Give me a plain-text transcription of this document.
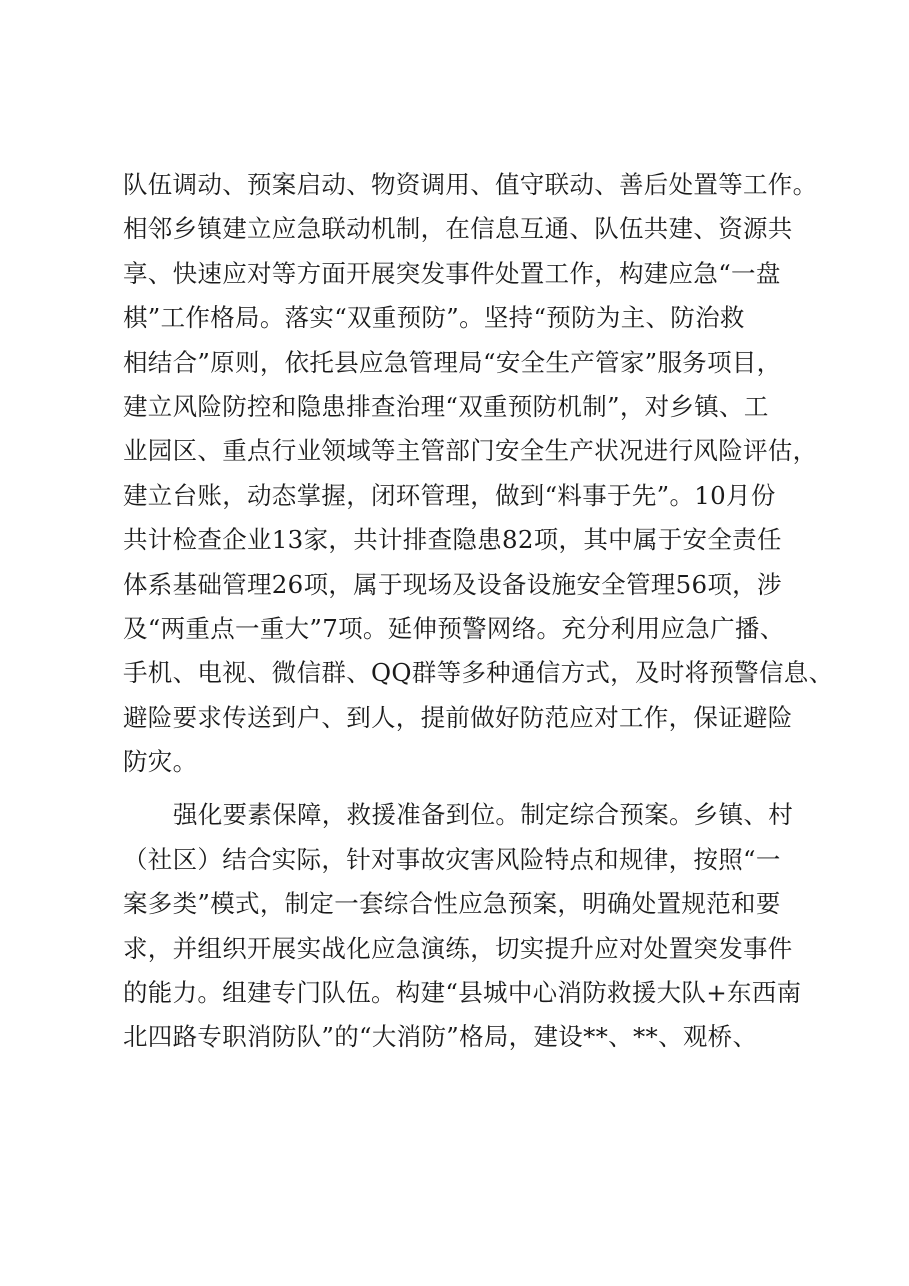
队伍调动、预案启动、物资调用、值守联动、善后处置等工作。
相邻乡镇建立应急联动机制，在信息互通、队伍共建、资源共
享、快速应对等方面开展突发事件处置工作，构建应急“一盘
棋”工作格局。落实“双重预防”。坚持“预防为主、防治救
相结合”原则，依托县应急管理局“安全生产管家”服务项目，
建立风险防控和隐患排查治理“双重预防机制”，对乡镇、工
业园区、重点行业领域等主管部门安全生产状况进行风险评估，
建立台账，动态掌握，闭环管理，做到“料事于先”。10月份
共计检查企业13家，共计排查隐患82项，其中属于安全责任
体系基础管理26项，属于现场及设备设施安全管理56项，涉
及“两重点一重大”7项。延伸预警网络。充分利用应急广播、
手机、电视、微信群、QQ群等多种通信方式，及时将预警信息、
避险要求传送到户、到人，提前做好防范应对工作，保证避险
防灾。
强化要素保障，救援准备到位。制定综合预案。乡镇、村
（社区）结合实际，针对事故灾害风险特点和规律，按照“一
案多类”模式，制定一套综合性应急预案，明确处置规范和要
求，并组织开展实战化应急演练，切实提升应对处置突发事件
的能力。组建专门队伍。构建“县城中心消防救援大队+东西南
北四路专职消防队”的“大消防”格局，建设**、**、观桥、
